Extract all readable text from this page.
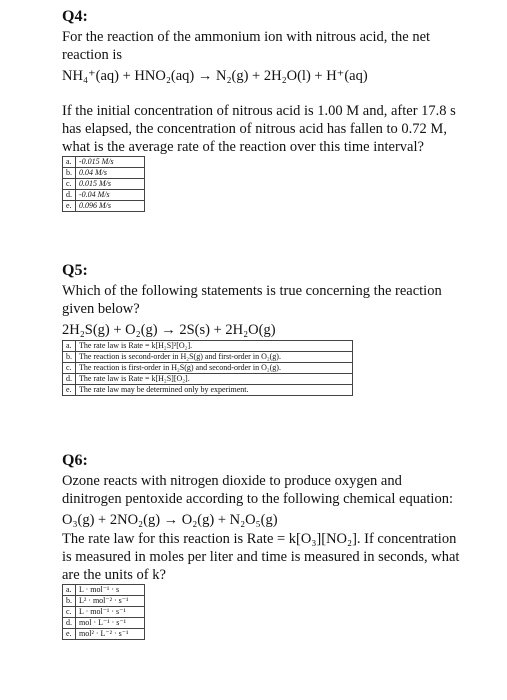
Q4:

For the reaction of the ammonium ion with nitrous acid, the net reaction is

NH₄⁺(aq) + HNO₂(aq) → N₂(g) + 2H₂O(l) + H⁺(aq)

If the initial concentration of nitrous acid is 1.00 M and, after 17.8 s has elapsed, the concentration of nitrous acid has fallen to 0.72 M, what is the average rate of the reaction over this time interval?

a.	-0.015 M/s
b.	0.04 M/s
c.	0.015 M/s
d.	-0.04 M/s
e.	0.096 M/s
Q5:

Which of the following statements is true concerning the reaction given below?

2H₂S(g) + O₂(g) → 2S(s) + 2H₂O(g)
a.	The rate law is Rate = k[H₂S]²[O₂].
b.	The reaction is second-order in H₂S(g) and first-order in O₂(g).
c.	The reaction is first-order in H₂S(g) and second-order in O₂(g).
d.	The rate law is Rate = k[H₂S][O₂].
e.	The rate law may be determined only by experiment.
Q6:

Ozone reacts with nitrogen dioxide to produce oxygen and dinitrogen pentoxide according to the following chemical equation:

O₃(g) + 2NO₂(g) → O₂(g) + N₂O₅(g)

The rate law for this reaction is Rate = k[O₃][NO₂]. If concentration is measured in moles per liter and time is measured in seconds, what are the units of k?

a.	L · mol⁻¹ · s
b.	L² · mol⁻² · s⁻¹
c.	L · mol⁻¹ · s⁻¹
d.	mol · L⁻¹ · s⁻¹
e.	mol² · L⁻² · s⁻¹
